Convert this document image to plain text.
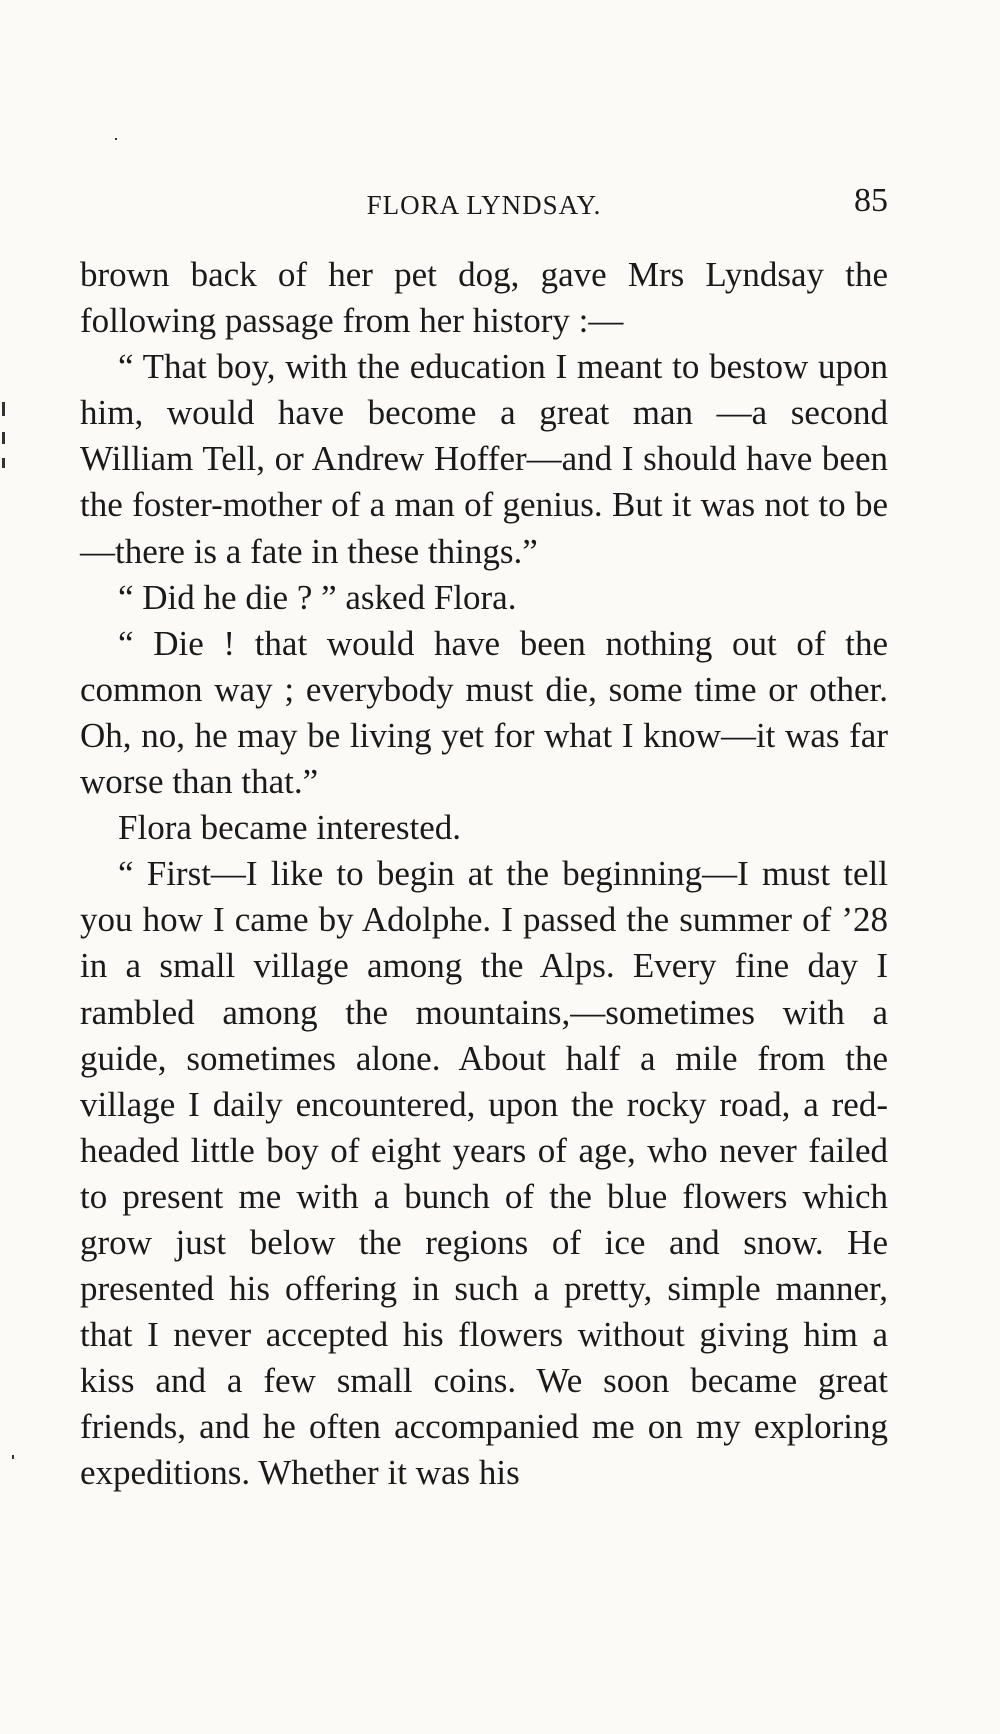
FLORA LYNDSAY.	85

brown back of her pet dog, gave Mrs Lyndsay the following passage from her history :—

“ That boy, with the education I meant to bestow upon him, would have become a great man —a second William Tell, or Andrew Hoffer—and I should have been the foster-mother of a man of genius. But it was not to be—there is a fate in these things.”

“ Did he die ? ” asked Flora.

“ Die ! that would have been nothing out of the common way ; everybody must die, some time or other. Oh, no, he may be living yet for what I know—it was far worse than that.”

Flora became interested.

“ First—I like to begin at the beginning—I must tell you how I came by Adolphe. I passed the summer of ’28 in a small village among the Alps. Every fine day I rambled among the mountains,—sometimes with a guide, sometimes alone. About half a mile from the village I daily encountered, upon the rocky road, a red-headed little boy of eight years of age, who never failed to present me with a bunch of the blue flowers which grow just below the regions of ice and snow. He presented his offering in such a pretty, simple manner, that I never accepted his flowers without giving him a kiss and a few small coins. We soon became great friends, and he often accompanied me on my exploring expeditions. Whether it was his
